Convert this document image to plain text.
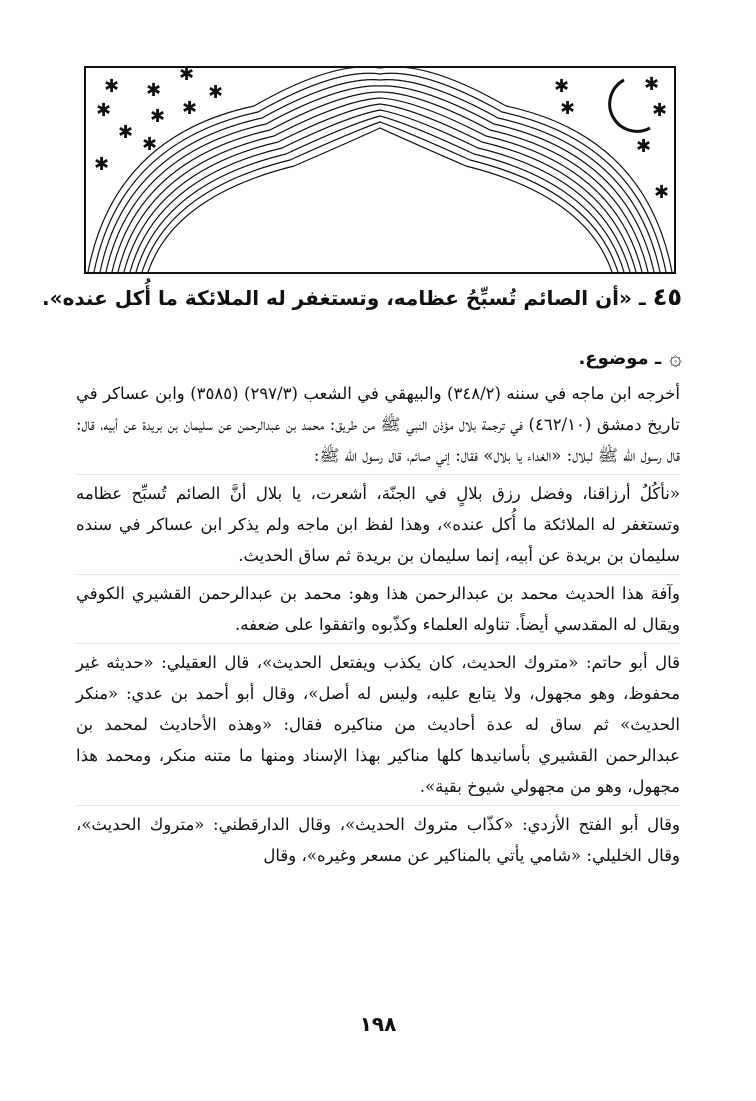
✱ ✱
✱
✱ ✱ ✱
✱
✱
✱
✱
✱	✱
✱	✱
✱
✱
٤٥ ـ «أن الصائم تُسبِّحُ عظامه، وتستغفر له الملائكة ما أُكل عنده».
۞
ـ موضوع.

أخرجه ابن ماجه في سننه (٣٤٨/٢) والبيهقي في الشعب (٢٩٧/٣) (٣٥٨٥) وابن عساكر في تاريخ دمشق (٤٦٢/١٠) في ترجمة بلال مؤذن النبي ﷺ من طريق: محمد بن عبدالرحمن عن سليمان بن بريدة عن أبيه، قال: قال رسول الله ﷺ لبلال: «الغداء يا بلال» فقال: إني صائم، قال رسول الله ﷺ:

«نأكُلُ أرزاقنا، وفضل رزق بلالٍ في الجنّة، أشعرت، يا بلال أنَّ الصائم تُسبِّح عظامه وتستغفر له الملائكة ما أُكل عنده»، وهذا لفظ ابن ماجه ولم يذكر ابن عساكر في سنده سليمان بن بريدة عن أبيه، إنما سليمان بن بريدة ثم ساق الحديث.

وآفة هذا الحديث محمد بن عبدالرحمن هذا وهو: محمد بن عبدالرحمن القشيري الكوفي ويقال له المقدسي أيضاً. تناوله العلماء وكذّبوه واتفقوا على ضعفه.

قال أبو حاتم: «متروك الحديث، كان يكذب ويفتعل الحديث»، قال العقيلي: «حديثه غير محفوظ، وهو مجهول، ولا يتابع عليه، وليس له أصل»، وقال أبو أحمد بن عدي: «منكر الحديث» ثم ساق له عدة أحاديث من مناكيره فقال: «وهذه الأحاديث لمحمد بن عبدالرحمن القشيري بأسانيدها كلها مناكير بهذا الإسناد ومنها ما متنه منكر، ومحمد هذا مجهول، وهو من مجهولي شيوخ بقية».

وقال أبو الفتح الأزدي: «كذّاب متروك الحديث»، وقال الدارقطني: «متروك الحديث»، وقال الخليلي: «شامي يأتي بالمناكير عن مسعر وغيره»، وقال

١٩٨
